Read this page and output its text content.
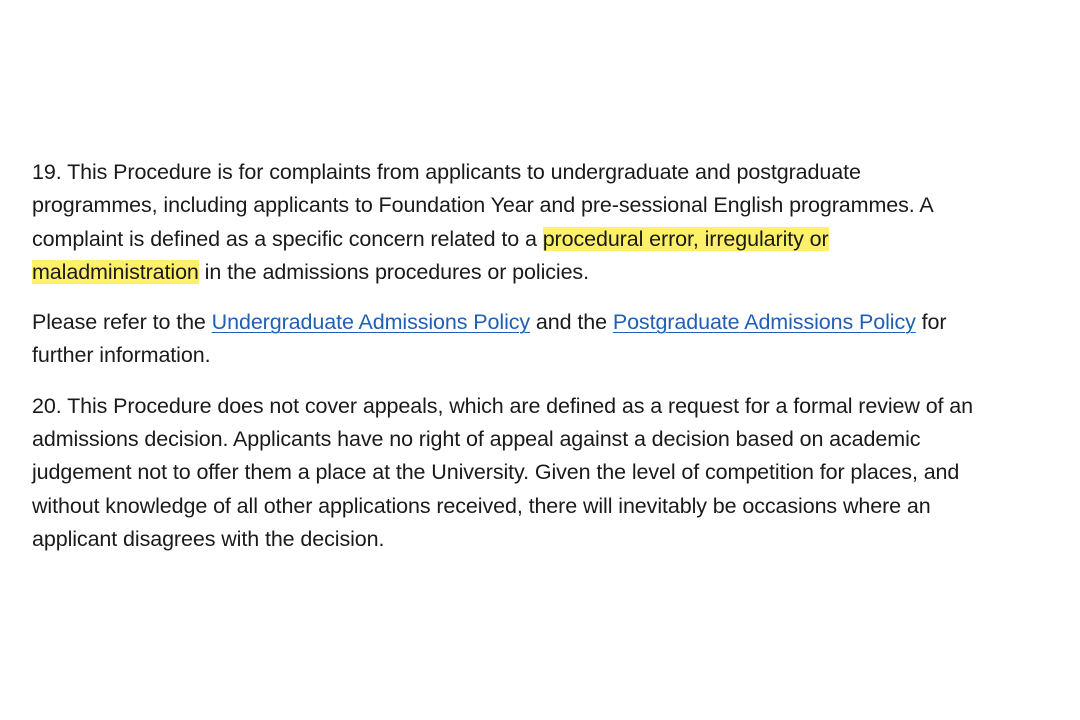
19. This Procedure is for complaints from applicants to undergraduate and postgraduate
programmes, including applicants to Foundation Year and pre-sessional English programmes. A
complaint is defined as a specific concern related to a procedural error, irregularity or
maladministration in the admissions procedures or policies.

Please refer to the Undergraduate Admissions Policy and the Postgraduate Admissions Policy for
further information.

20. This Procedure does not cover appeals, which are defined as a request for a formal review of an
admissions decision. Applicants have no right of appeal against a decision based on academic
judgement not to offer them a place at the University. Given the level of competition for places, and
without knowledge of all other applications received, there will inevitably be occasions where an
applicant disagrees with the decision.
